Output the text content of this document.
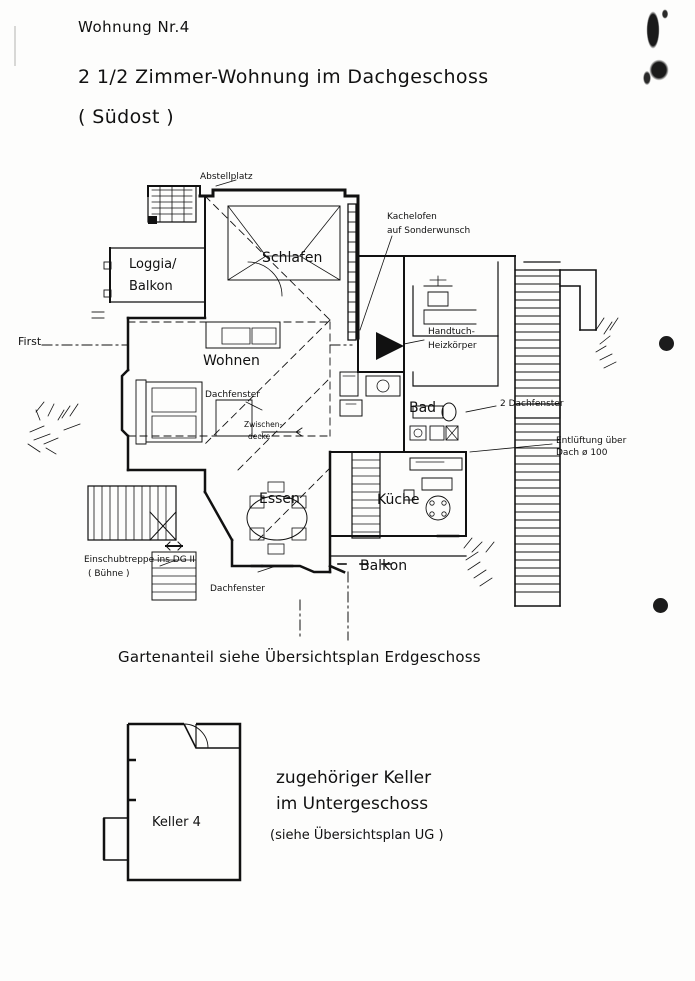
Wohnung Nr.4
2 1/2 Zimmer-Wohnung im Dachgeschoss
( Südost )
Abstellplatz
Schlafen
Loggia/
Balkon
Wohnen
Essen	Küche
Bad
Balkon
Kachelofen
auf Sonderwunsch
Handtuch-
Heizkörper
First
Dachfenster
Dachfenster
2 Dachfenster
Zwischen-
decke	Entlüftung über
Dach ø 100
Einschubtreppe ins DG II
( Bühne )
Gartenanteil siehe Übersichtsplan Erdgeschoss
Keller 4
zugehöriger Keller
im Untergeschoss
(siehe Übersichtsplan UG )
